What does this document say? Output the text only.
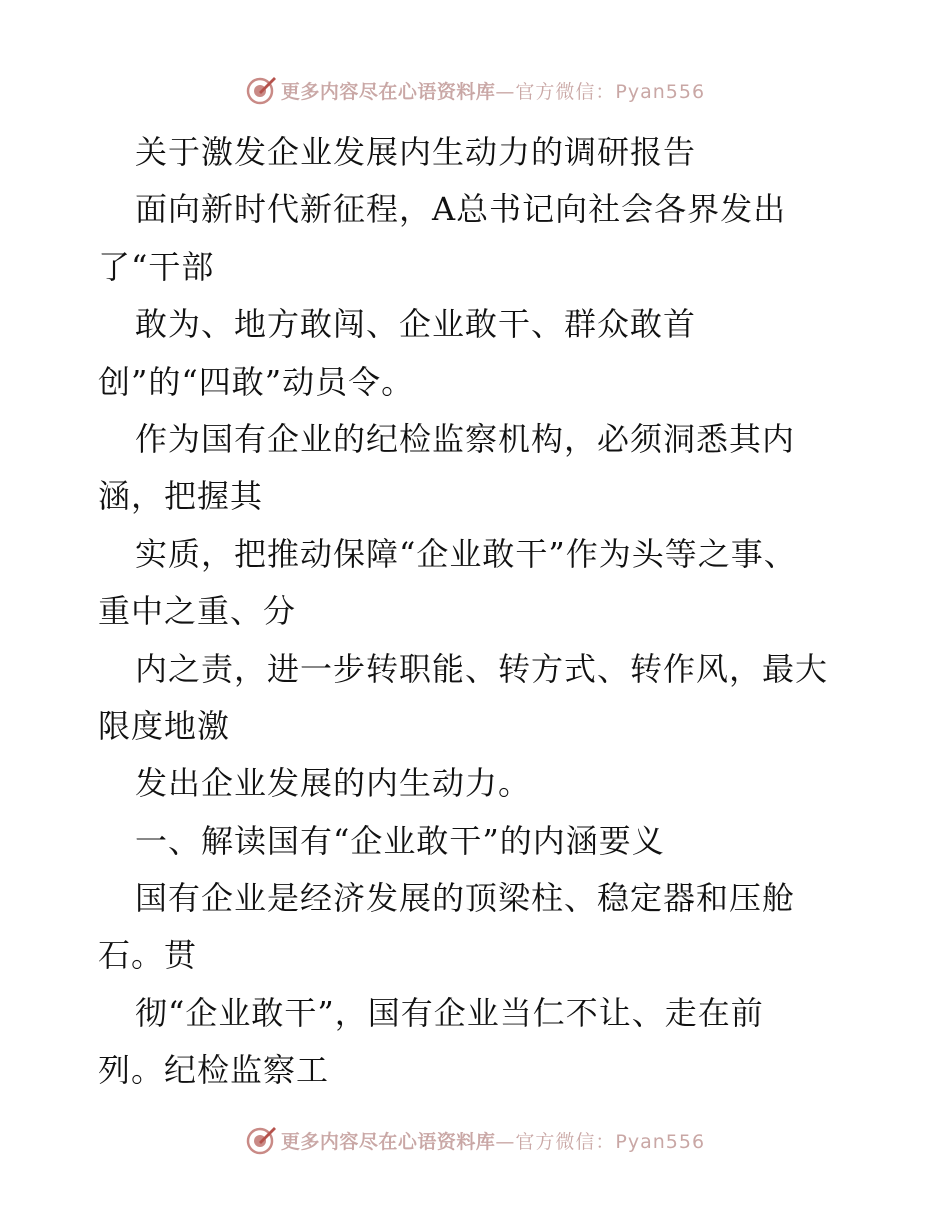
更多内容尽在心语资料库 —官方微信：Pyan556
关于激发企业发展内生动力的调研报告
面向新时代新征程，A总书记向社会各界发出
了“干部
敢为、地方敢闯、企业敢干、群众敢首
创”的“四敢”动员令。
作为国有企业的纪检监察机构，必须洞悉其内
涵，把握其
实质，把推动保障“企业敢干”作为头等之事、
重中之重、分
内之责，进一步转职能、转方式、转作风，最大
限度地激
发出企业发展的内生动力。
一、解读国有“企业敢干”的内涵要义
国有企业是经济发展的顶梁柱、稳定器和压舱
石。贯
彻“企业敢干”，国有企业当仁不让、走在前
列。纪检监察工
更多内容尽在心语资料库 —官方微信：Pyan556
